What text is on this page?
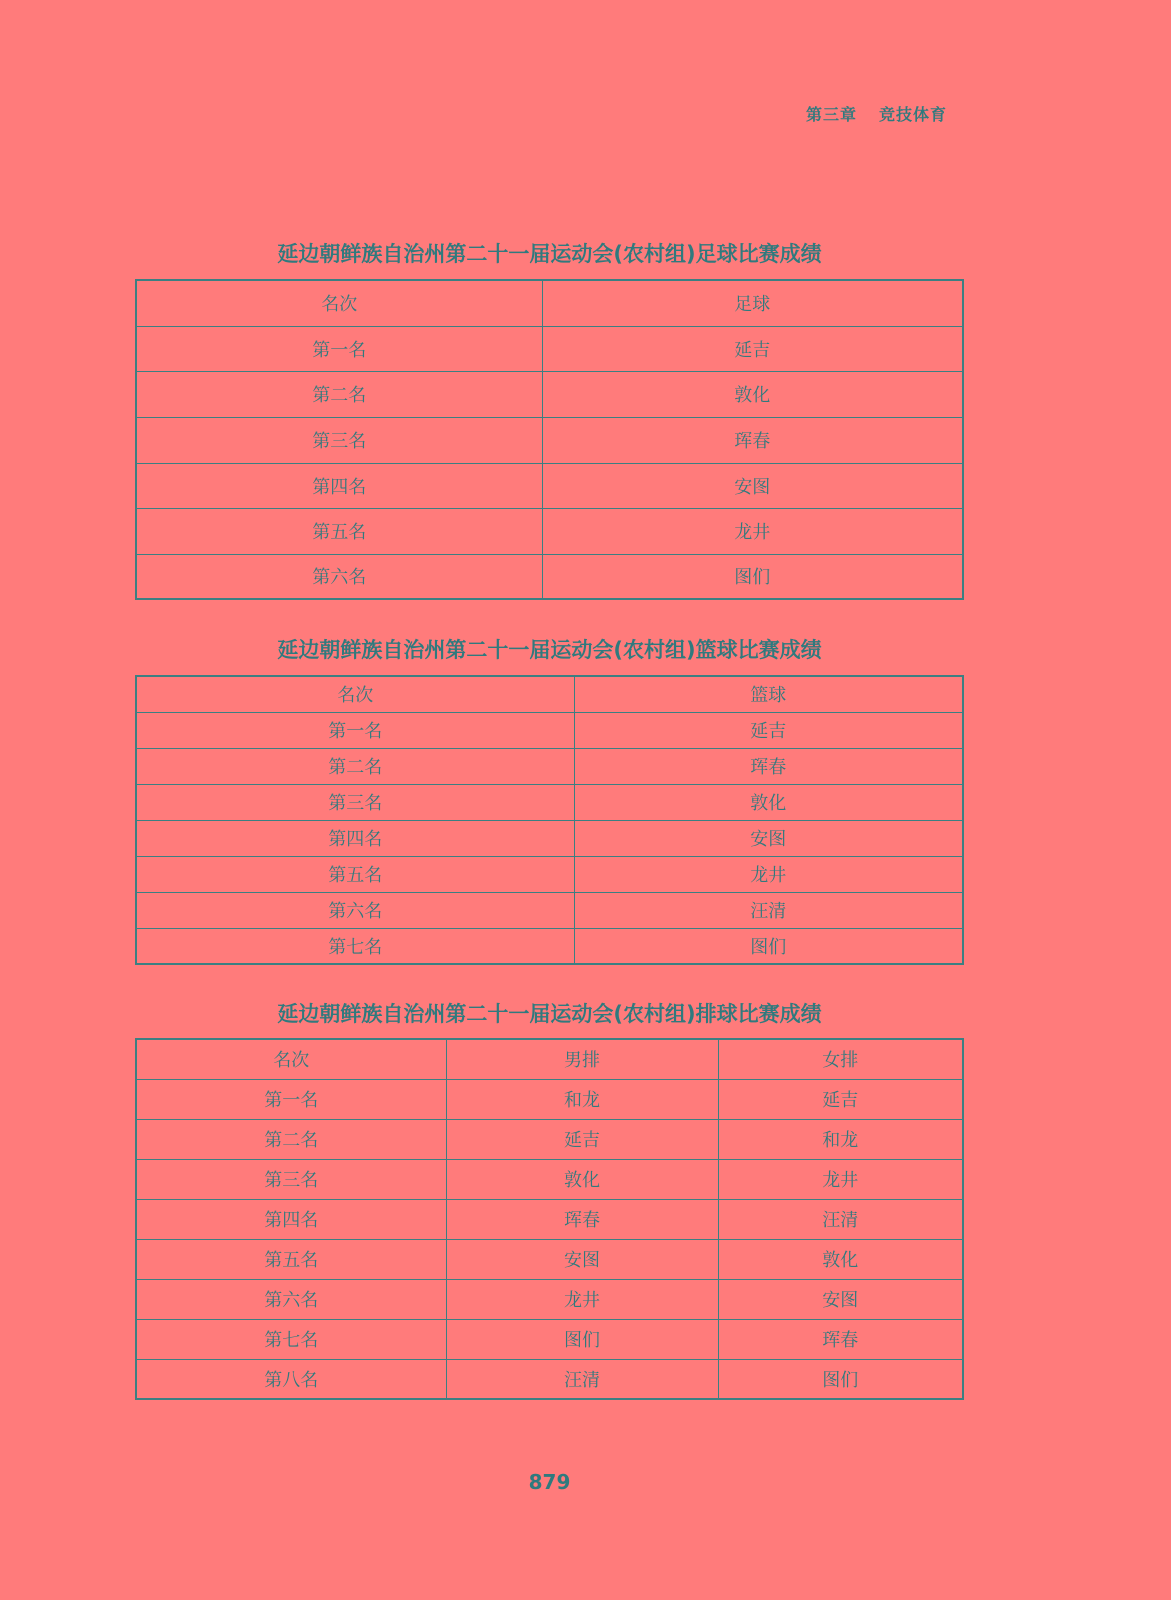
第三章 竞技体育
延边朝鲜族自治州第二十一届运动会(农村组)足球比赛成绩
名次	足球
第一名	延吉
第二名	敦化
第三名	珲春
第四名	安图
第五名	龙井
第六名	图们
延边朝鲜族自治州第二十一届运动会(农村组)篮球比赛成绩
名次	篮球
第一名	延吉
第二名	珲春
第三名	敦化
第四名	安图
第五名	龙井
第六名	汪清
第七名	图们
延边朝鲜族自治州第二十一届运动会(农村组)排球比赛成绩
名次	男排	女排
第一名	和龙	延吉
第二名	延吉	和龙
第三名	敦化	龙井
第四名	珲春	汪清
第五名	安图	敦化
第六名	龙井	安图
第七名	图们	珲春
第八名	汪清	图们
879
